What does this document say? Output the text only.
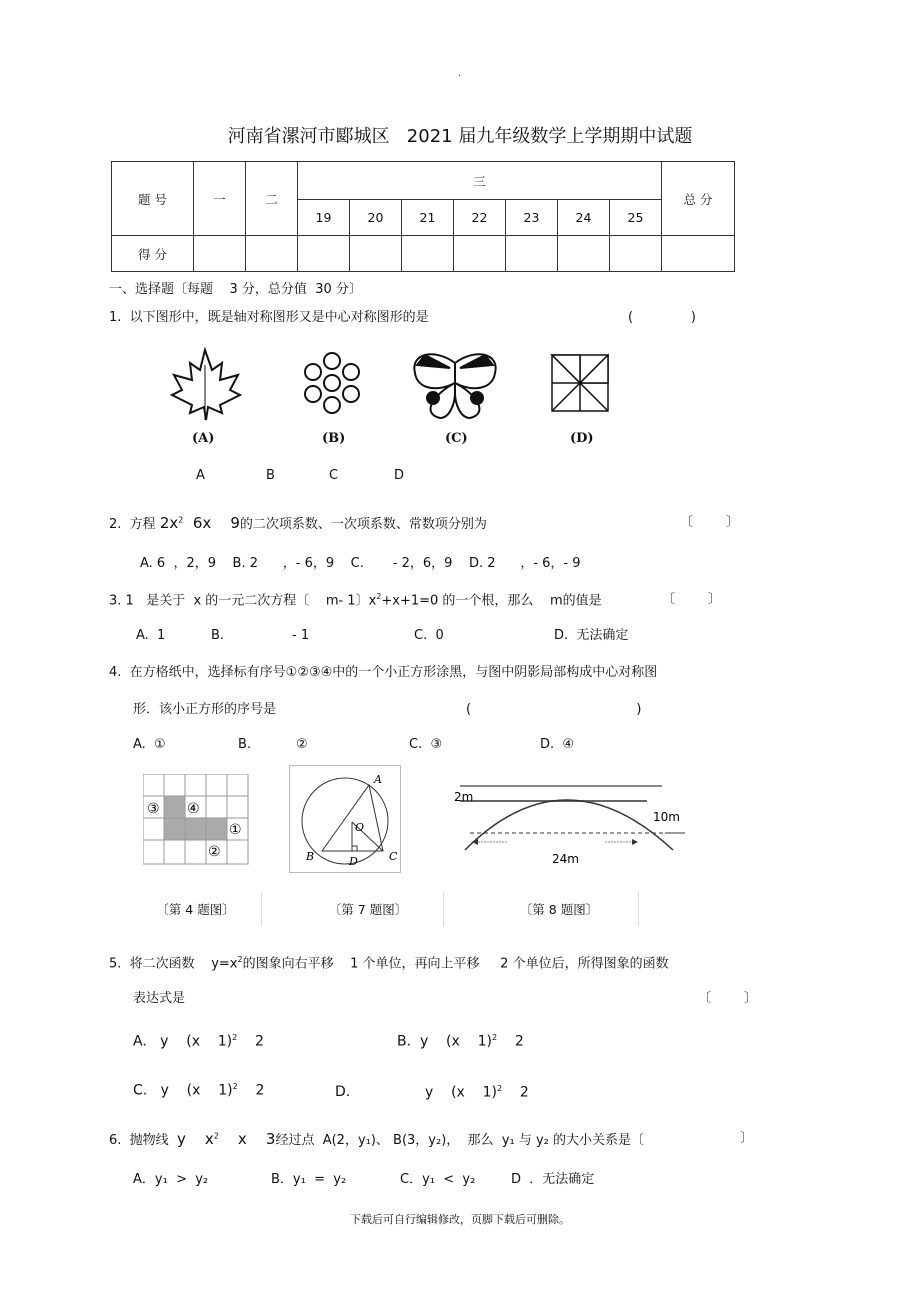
.
河南省漯河市郾城区   2021 届九年级数学上学期期中试题
题 号	一	二	三							总 分
			19	20	21	22	23	24	25	
得 分										
一、选择题〔每题    3 分，总分值  30 分〕
1.  以下图形中，既是轴对称图形又是中心对称图形的是	(              )
(A)	(B)	(C)	(D)
A	B	C	D
2.  方程 $2x^2$  6x    9的二次项系数、一次项系数、常数项分别为	〔        〕
A. 6  ，2，9    B. 2      ，- 6，9    C.       - 2，6，9    D. 2      ，- 6，- 9
3. 1   是关于  x 的一元二次方程〔    m- 1〕$x^2+x+1=0$ 的一个根，那么    m的值是	〔        〕
A.  1	B.	- 1	C.  0	D.  无法确定
4.  在方格纸中，选择标有序号①②③④中的一个小正方形涂黑，与图中阴影局部构成中心对称图
形．该小正方形的序号是	(                                        )
A.  ①	B.	②	C.  ③	D.  ④
③ ④
①
②
A
B	C
D
O
2m
10m
24m
〔第 4 题图〕	〔第 7 题图〕	〔第 8 题图〕
5.  将二次函数    $y=x^2$的图象向右平移    1 个单位，再向上平移     2 个单位后，所得图象的函数
表达式是	〔        〕
A. y    (x    1)$^2$    2	B. y    (x    1)$^2$    2
C. y    (x    1)$^2$    2	D.	y    (x    1)$^2$    2
6.  抛物线 y    $x^2$    x    3经过点  A(2，y₁)、 B(3，y₂)，  那么  y₁ 与 y₂ 的大小关系是〔	〕
A．y₁  >  y₂	B．y₁  =  y₂	C．y₁  <  y₂	D  ．无法确定
下载后可自行编辑修改，页脚下载后可删除。
